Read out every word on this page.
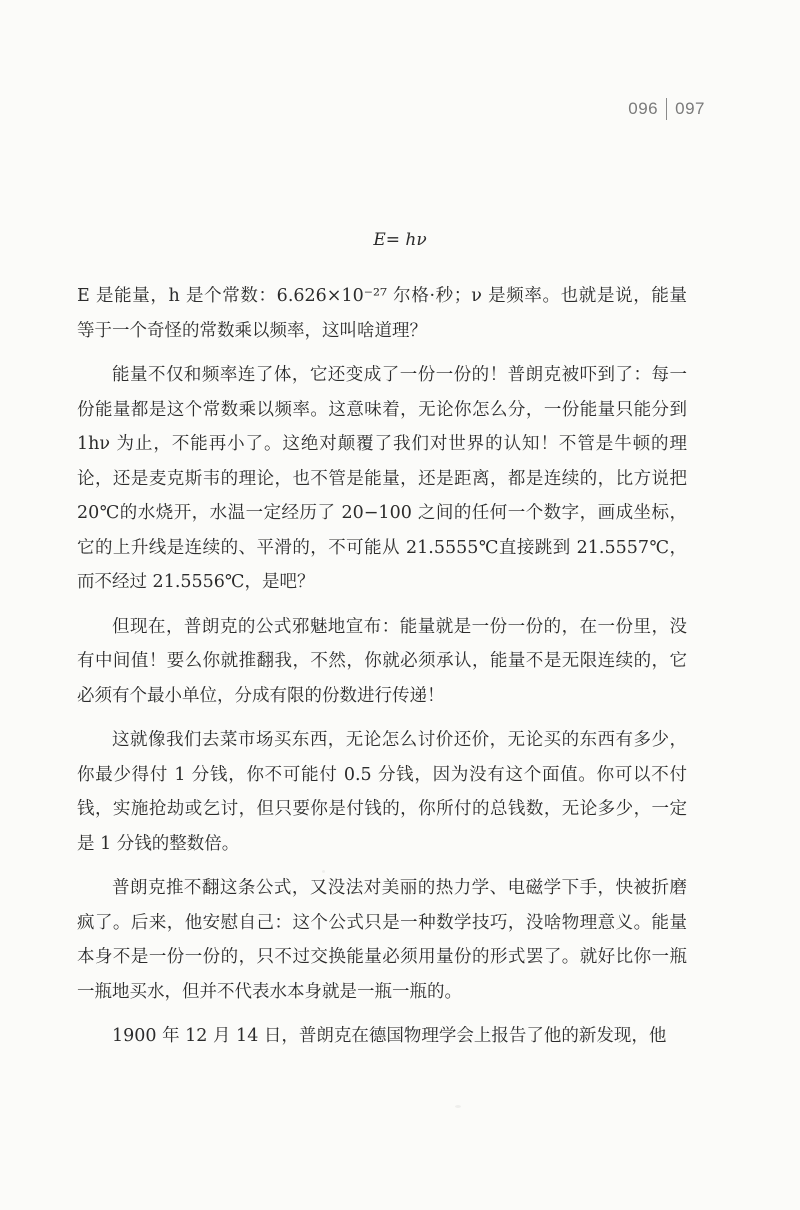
096 097
E= hν

E 是能量，h 是个常数：6.626×10⁻²⁷ 尔格·秒；ν 是频率。也就是说，能量等于一个奇怪的常数乘以频率，这叫啥道理？

能量不仅和频率连了体，它还变成了一份一份的！普朗克被吓到了：每一份能量都是这个常数乘以频率。这意味着，无论你怎么分，一份能量只能分到 1hν 为止，不能再小了。这绝对颠覆了我们对世界的认知！不管是牛顿的理论，还是麦克斯韦的理论，也不管是能量，还是距离，都是连续的，比方说把 20℃的水烧开，水温一定经历了 20−100 之间的任何一个数字，画成坐标，它的上升线是连续的、平滑的，不可能从 21.5555℃直接跳到 21.5557℃，而不经过 21.5556℃，是吧？

但现在，普朗克的公式邪魅地宣布：能量就是一份一份的，在一份里，没有中间值！要么你就推翻我，不然，你就必须承认，能量不是无限连续的，它必须有个最小单位，分成有限的份数进行传递！

这就像我们去菜市场买东西，无论怎么讨价还价，无论买的东西有多少，你最少得付 1 分钱，你不可能付 0.5 分钱，因为没有这个面值。你可以不付钱，实施抢劫或乞讨，但只要你是付钱的，你所付的总钱数，无论多少，一定是 1 分钱的整数倍。

普朗克推不翻这条公式，又没法对美丽的热力学、电磁学下手，快被折磨疯了。后来，他安慰自己：这个公式只是一种数学技巧，没啥物理意义。能量本身不是一份一份的，只不过交换能量必须用量份的形式罢了。就好比你一瓶一瓶地买水，但并不代表水本身就是一瓶一瓶的。

1900 年 12 月 14 日，普朗克在德国物理学会上报告了他的新发现，他
